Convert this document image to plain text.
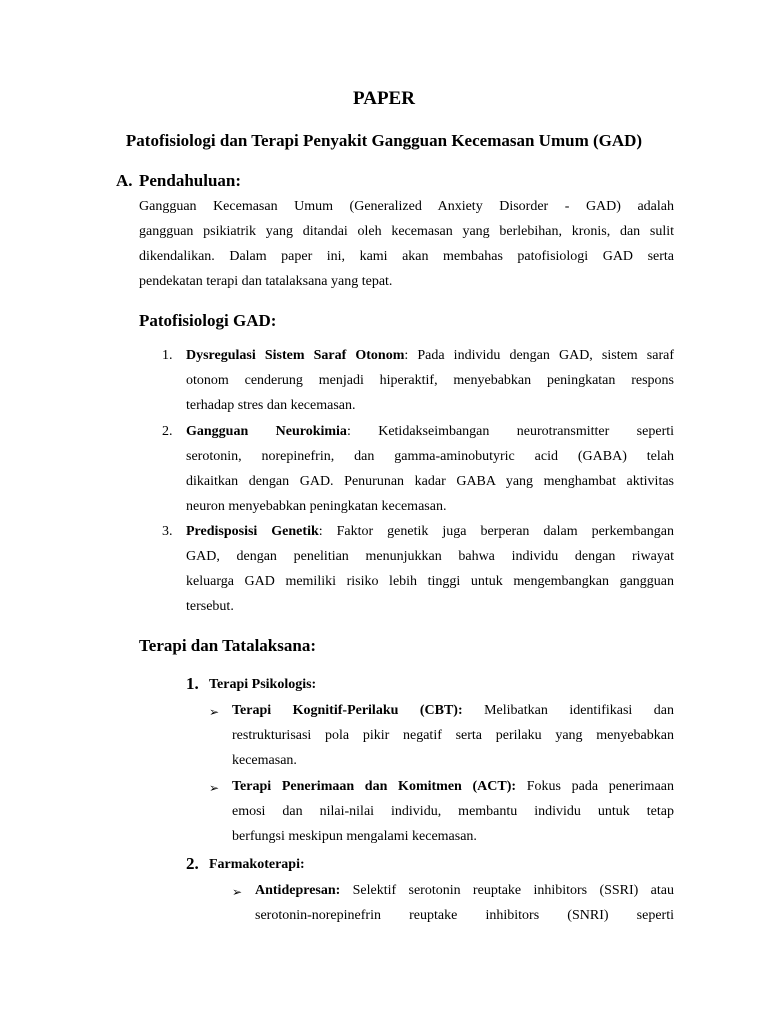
PAPER
Patofisiologi dan Terapi Penyakit Gangguan Kecemasan Umum (GAD)
A. Pendahuluan:
Gangguan Kecemasan Umum (Generalized Anxiety Disorder - GAD) adalah
gangguan psikiatrik yang ditandai oleh kecemasan yang berlebihan, kronis, dan sulit
dikendalikan. Dalam paper ini, kami akan membahas patofisiologi GAD serta
pendekatan terapi dan tatalaksana yang tepat.
Patofisiologi GAD:
1. Dysregulasi Sistem Saraf Otonom: Pada individu dengan GAD, sistem saraf
otonom cenderung menjadi hiperaktif, menyebabkan peningkatan respons
terhadap stres dan kecemasan.
2. Gangguan Neurokimia: Ketidakseimbangan neurotransmitter seperti
serotonin, norepinefrin, dan gamma-aminobutyric acid (GABA) telah
dikaitkan dengan GAD. Penurunan kadar GABA yang menghambat aktivitas
neuron menyebabkan peningkatan kecemasan.
3. Predisposisi Genetik: Faktor genetik juga berperan dalam perkembangan
GAD, dengan penelitian menunjukkan bahwa individu dengan riwayat
keluarga GAD memiliki risiko lebih tinggi untuk mengembangkan gangguan
tersebut.
Terapi dan Tatalaksana:
1. Terapi Psikologis:
➢ Terapi Kognitif-Perilaku (CBT): Melibatkan identifikasi dan
restrukturisasi pola pikir negatif serta perilaku yang menyebabkan
kecemasan.
➢ Terapi Penerimaan dan Komitmen (ACT): Fokus pada penerimaan
emosi dan nilai-nilai individu, membantu individu untuk tetap
berfungsi meskipun mengalami kecemasan.
2. Farmakoterapi:
➢ Antidepresan: Selektif serotonin reuptake inhibitors (SSRI) atau
serotonin-norepinefrin reuptake inhibitors (SNRI) seperti
